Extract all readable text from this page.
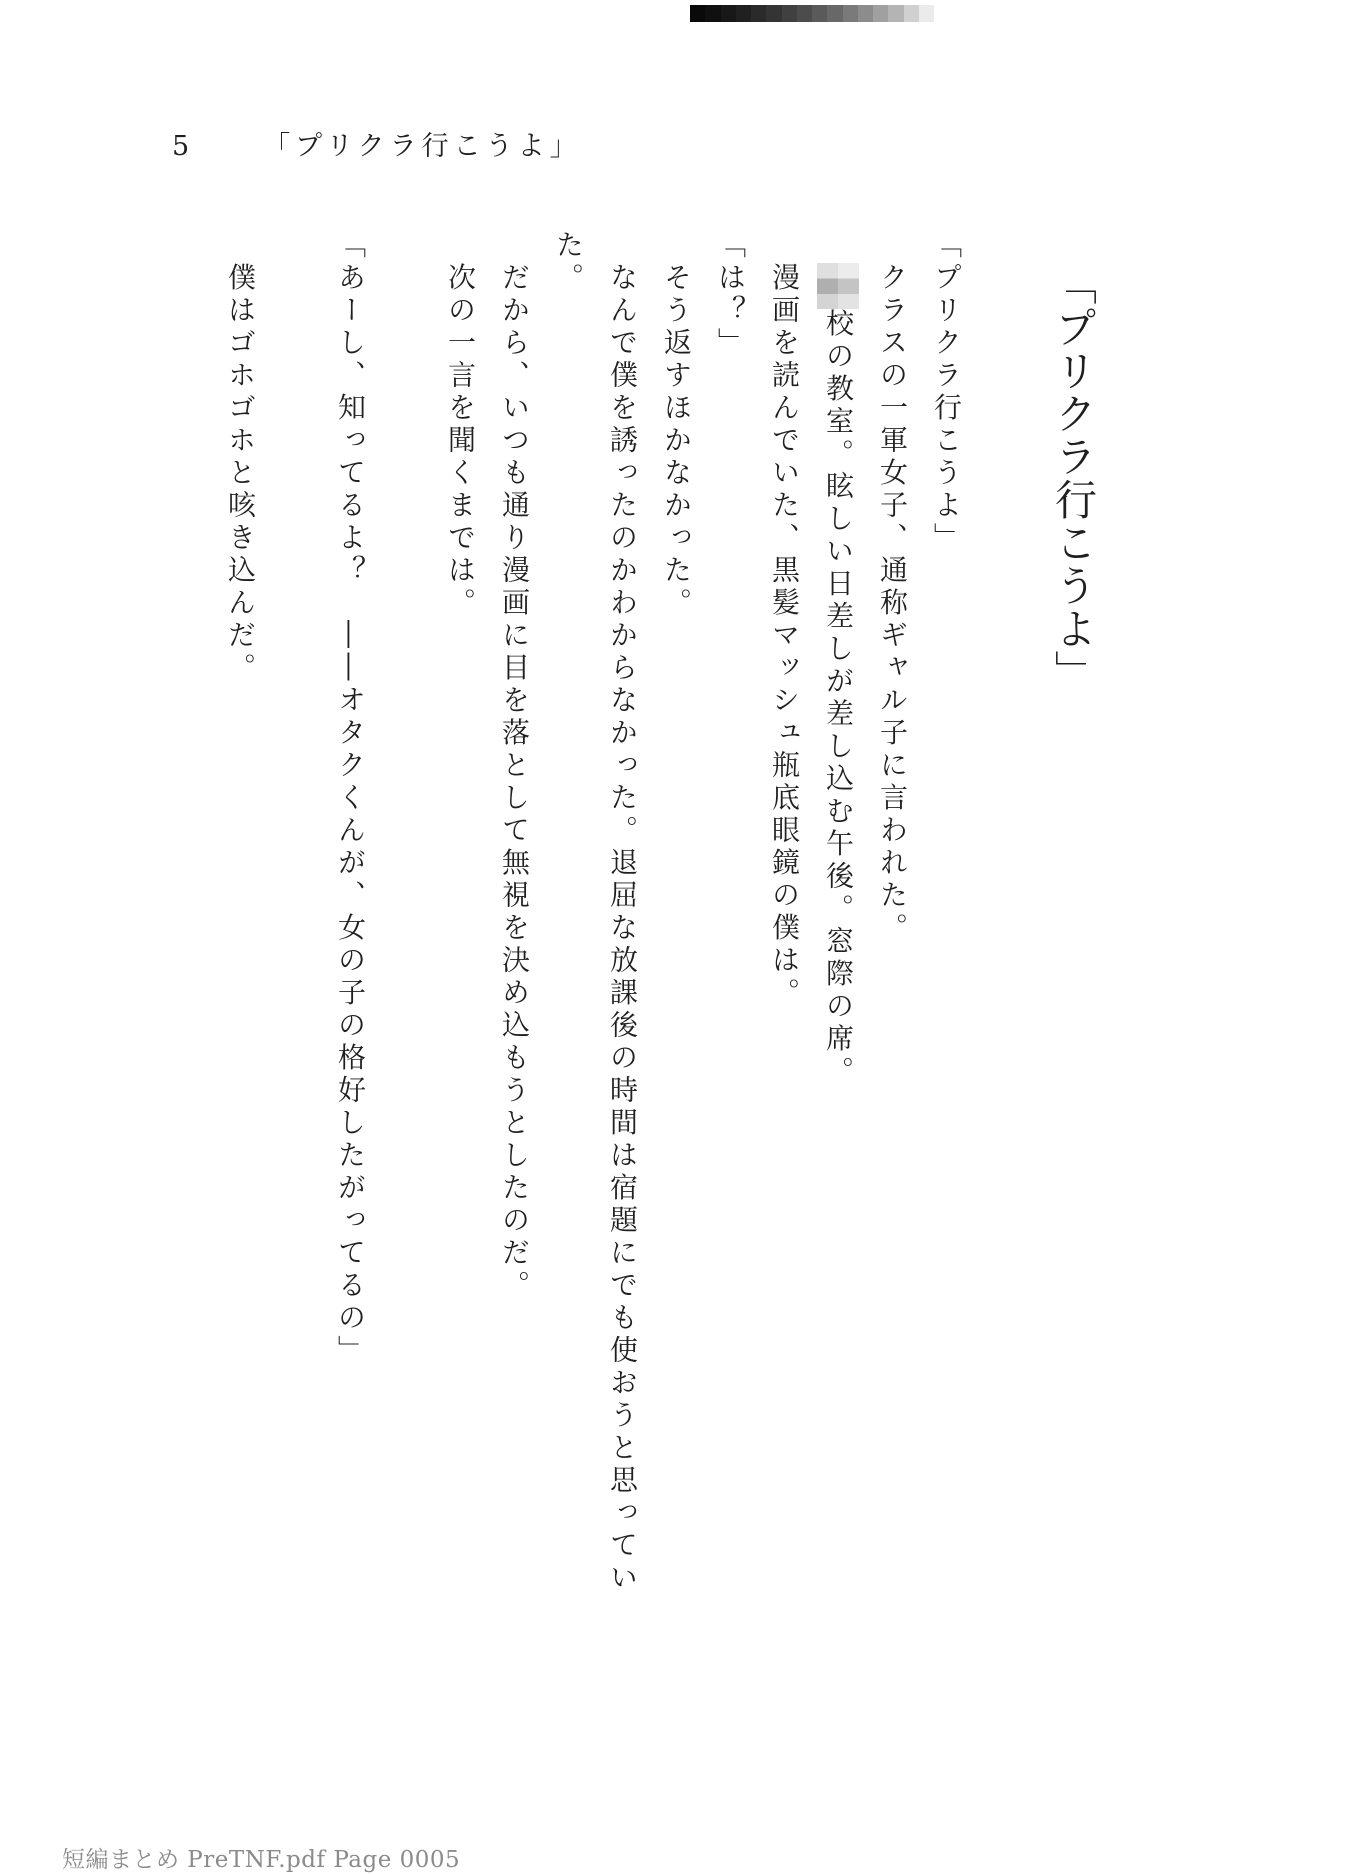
5	「プリクラ行こうよ」
「プリクラ行こうよ」
「プリクラ行こうよ」
　クラスの一軍女子、通称ギャル子に言われた。
　校の教室。眩しい日差しが差し込む午後。窓際の席。
　漫画を読んでいた、黒髪マッシュ瓶底眼鏡の僕は。
「は？」
　そう返すほかなかった。
　なんで僕を誘ったのかわからなかった。退屈な放課後の時間は宿題にでも使おうと思ってい
た。
　だから、いつも通り漫画に目を落として無視を決め込もうとしたのだ。
　次の一言を聞くまでは。
「あーし、知ってるよ？　――オタクくんが、女の子の格好したがってるの」
　僕はゴホゴホと咳き込んだ。
短編まとめ PreTNF.pdf Page 0005
